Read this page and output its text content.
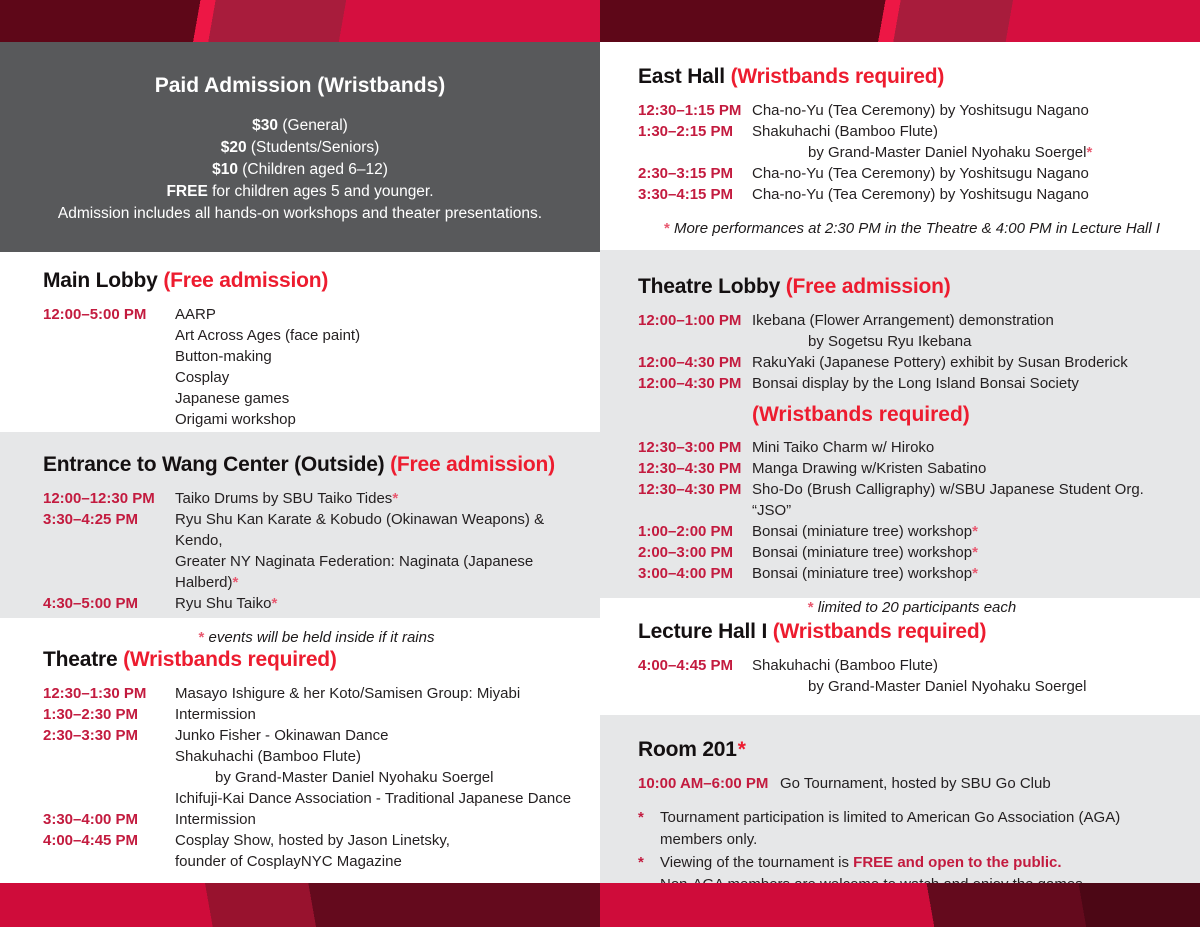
Paid Admission (Wristbands)
$30 (General)
$20 (Students/Seniors)
$10 (Children aged 6–12)
FREE for children ages 5 and younger.
Admission includes all hands-on workshops and theater presentations.
Main Lobby (Free admission)
12:00–5:00 PM	AARP
Art Across Ages (face paint)
Button-making
Cosplay
Japanese games
Origami workshop
Entrance to Wang Center (Outside) (Free admission)
12:00–12:30 PM	Taiko Drums by SBU Taiko Tides*
3:30–4:25 PM	Ryu Shu Kan Karate & Kobudo (Okinawan Weapons) & Kendo,
Greater NY Naginata Federation: Naginata (Japanese Halberd)*
4:30–5:00 PM	Ryu Shu Taiko*
* events will be held inside if it rains
Theatre (Wristbands required)
12:30–1:30 PM	Masayo Ishigure & her Koto/Samisen Group: Miyabi
1:30–2:30 PM	Intermission
2:30–3:30 PM	Junko Fisher - Okinawan Dance
Shakuhachi (Bamboo Flute)
by Grand-Master Daniel Nyohaku Soergel
Ichifuji-Kai Dance Association - Traditional Japanese Dance
3:30–4:00 PM	Intermission
4:00–4:45 PM	Cosplay Show, hosted by Jason Linetsky,
founder of CosplayNYC Magazine
East Hall (Wristbands required)
12:30–1:15 PM Cha-no-Yu (Tea Ceremony) by Yoshitsugu Nagano
1:30–2:15 PM	Shakuhachi (Bamboo Flute)
by Grand-Master Daniel Nyohaku Soergel*
2:30–3:15 PM	Cha-no-Yu (Tea Ceremony) by Yoshitsugu Nagano
3:30–4:15 PM	Cha-no-Yu (Tea Ceremony) by Yoshitsugu Nagano
* More performances at 2:30 PM in the Theatre & 4:00 PM in Lecture Hall I
Theatre Lobby (Free admission)
12:00–1:00 PM Ikebana (Flower Arrangement) demonstration
by Sogetsu Ryu Ikebana
12:00–4:30 PM RakuYaki (Japanese Pottery) exhibit by Susan Broderick
12:00–4:30 PM Bonsai display by the Long Island Bonsai Society
(Wristbands required)
12:30–3:00 PM Mini Taiko Charm w/ Hiroko
12:30–4:30 PM Manga Drawing w/Kristen Sabatino
12:30–4:30 PM Sho-Do (Brush Calligraphy) w/SBU Japanese Student Org. “JSO”
1:00–2:00 PM	Bonsai (miniature tree) workshop*
2:00–3:00 PM	Bonsai (miniature tree) workshop*
3:00–4:00 PM	Bonsai (miniature tree) workshop*
* limited to 20 participants each
Lecture Hall I (Wristbands required)
4:00–4:45 PM	Shakuhachi (Bamboo Flute)
by Grand-Master Daniel Nyohaku Soergel
Room 201*
10:00 AM–6:00 PM Go Tournament, hosted by SBU Go Club
*	Tournament participation is limited to American Go Association (AGA) members only.
*	Viewing of the tournament is FREE and open to the public.
